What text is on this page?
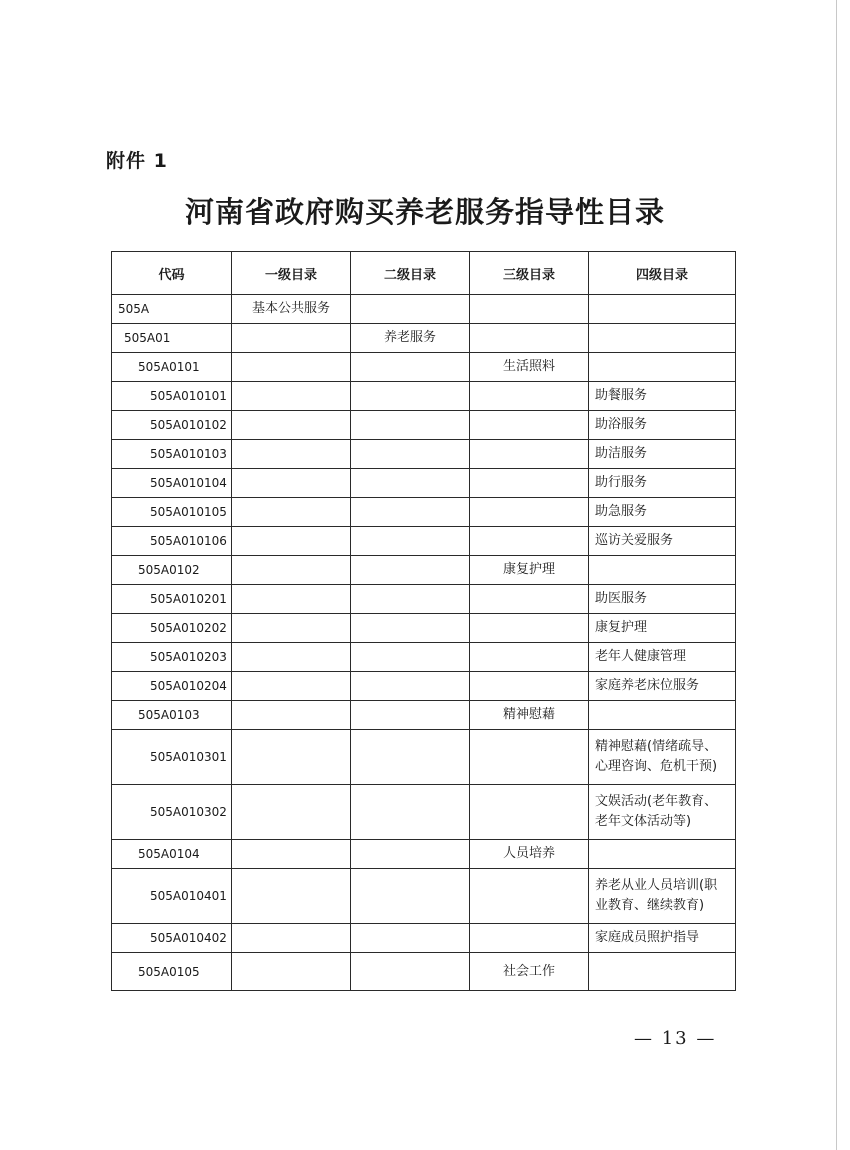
附件 1
河南省政府购买养老服务指导性目录
代码	一级目录	二级目录	三级目录	四级目录
505A	基本公共服务			
505A01		养老服务		
505A0101			生活照料	
505A010101				助餐服务
505A010102				助浴服务
505A010103				助洁服务
505A010104				助行服务
505A010105				助急服务
505A010106				巡访关爱服务
505A0102			康复护理	
505A010201				助医服务
505A010202				康复护理
505A010203				老年人健康管理
505A010204				家庭养老床位服务
505A0103			精神慰藉	
505A010301				精神慰藉(情绪疏导、心理咨询、危机干预)
505A010302				文娱活动(老年教育、老年文体活动等)
505A0104			人员培养	
505A010401				养老从业人员培训(职业教育、继续教育)
505A010402				家庭成员照护指导
505A0105			社会工作	
— 13 —
